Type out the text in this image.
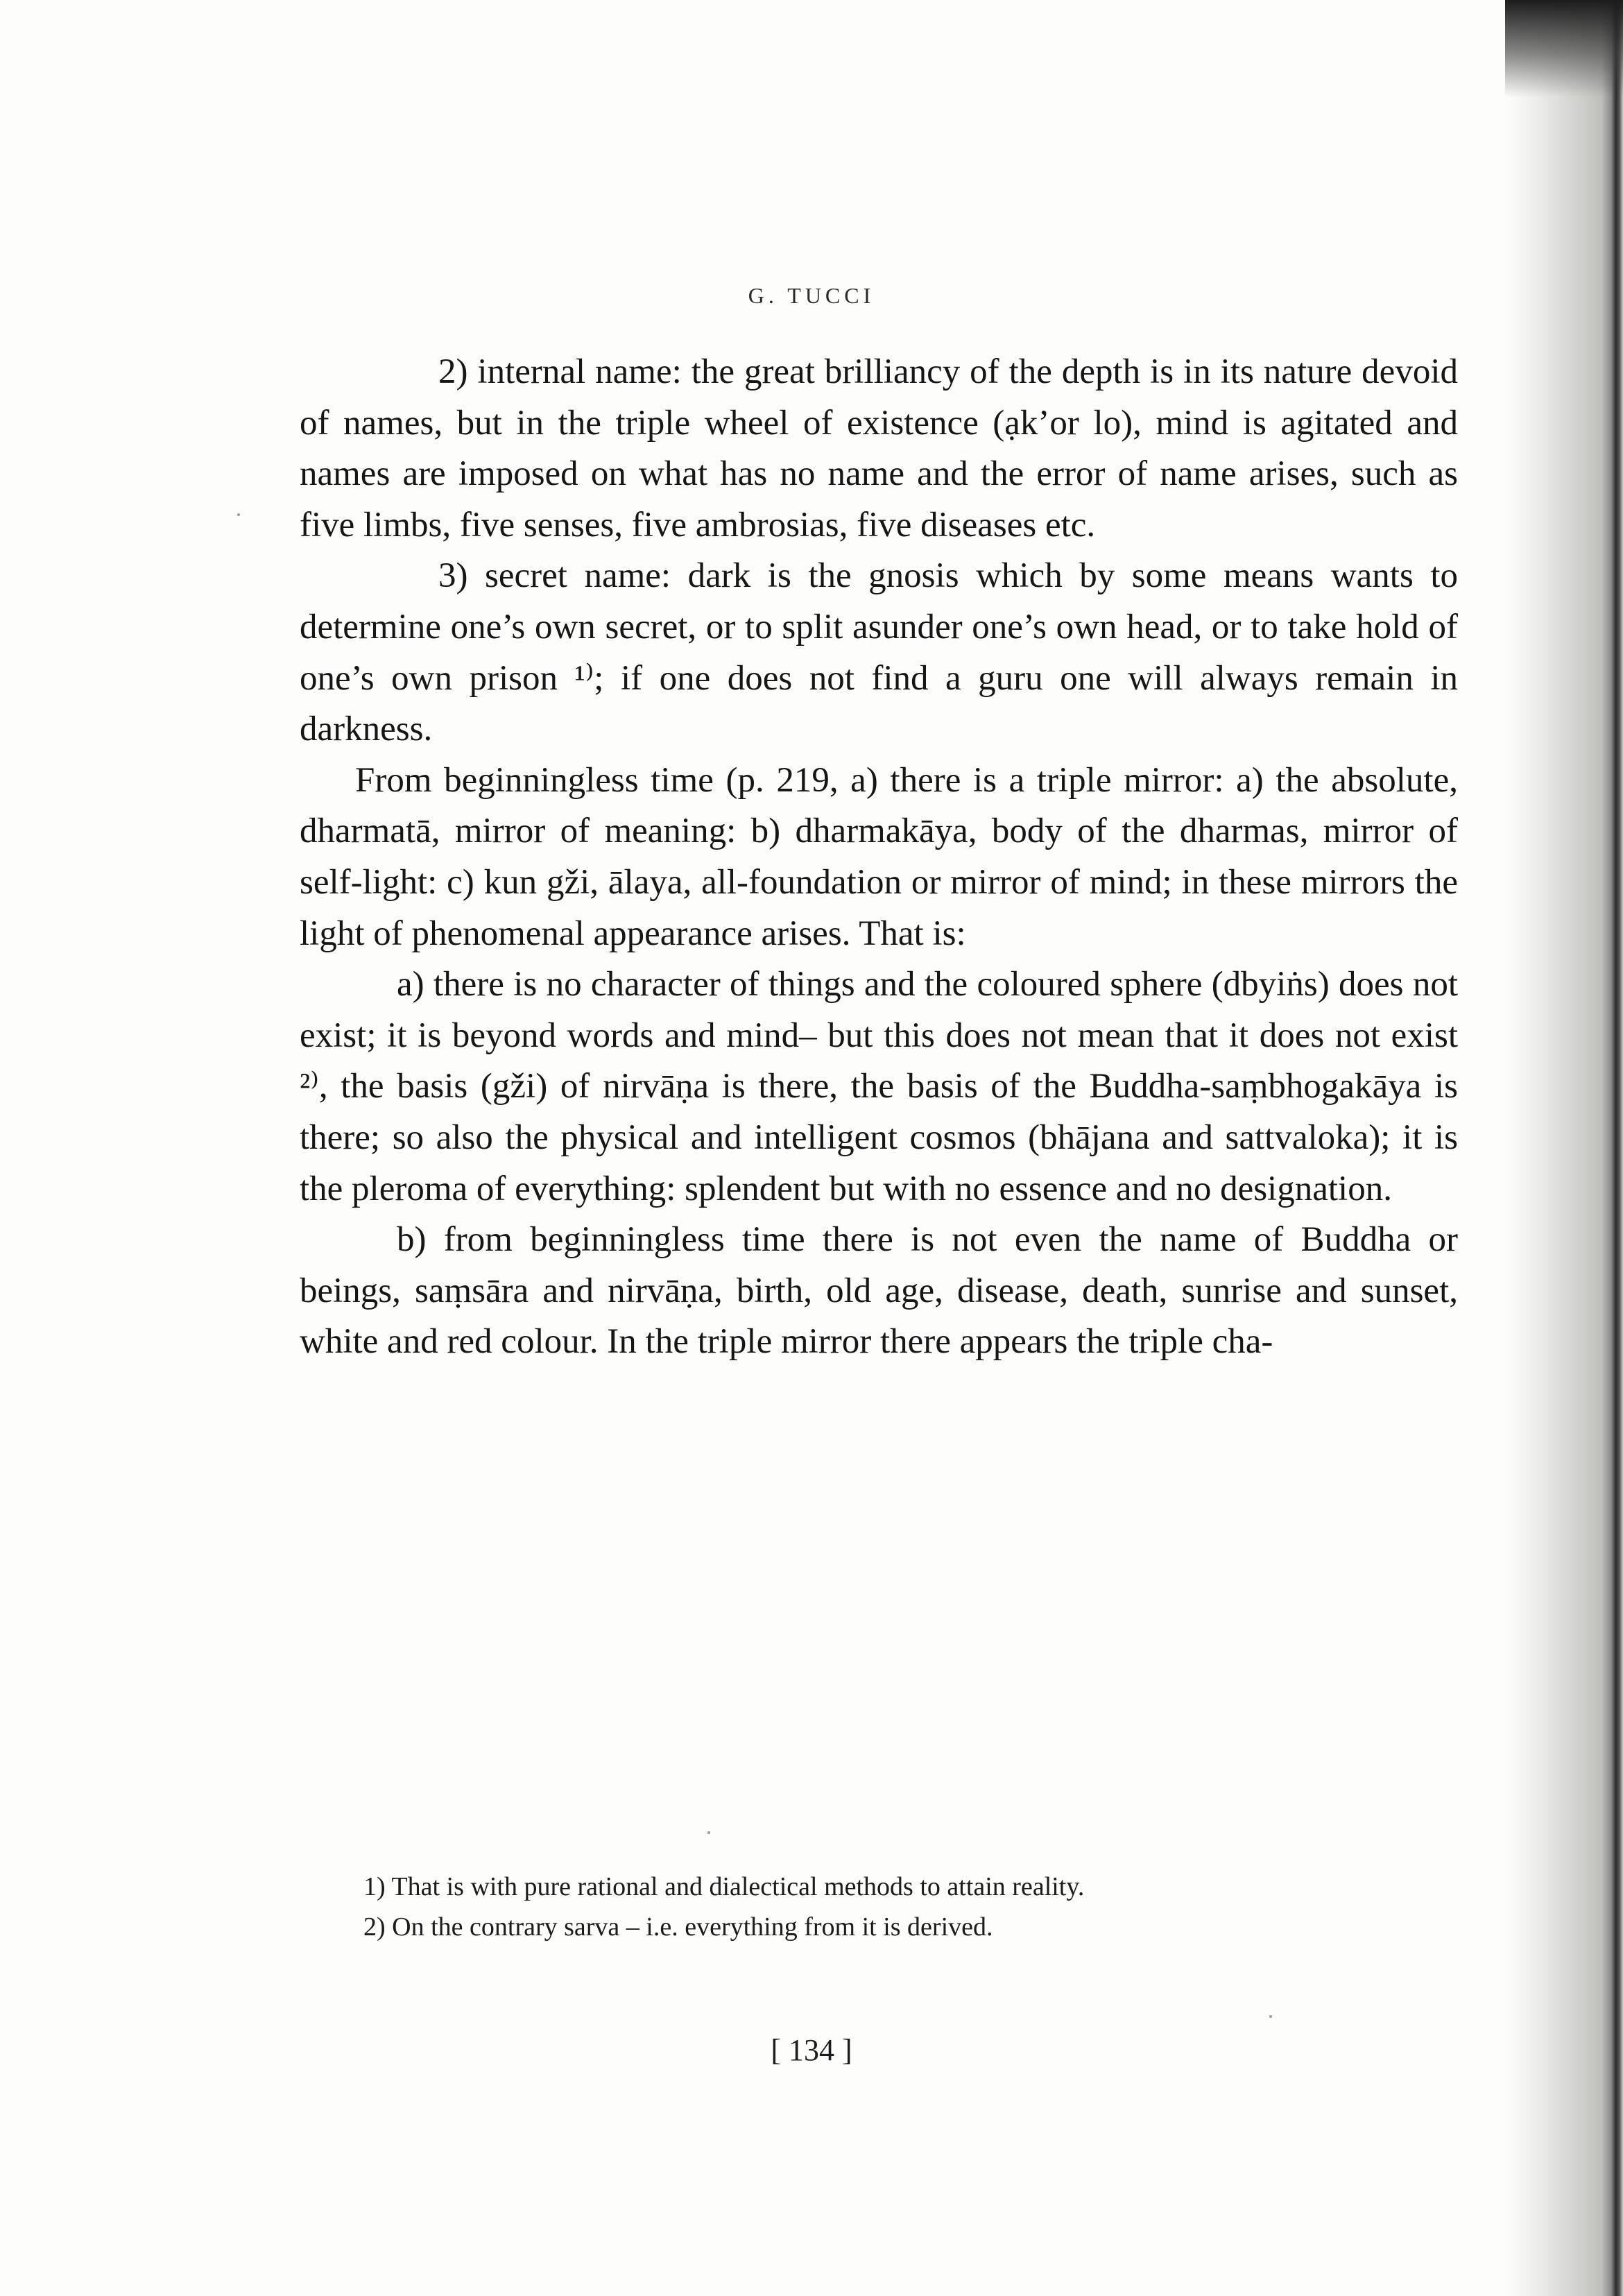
G. TUCCI

2) internal name: the great brilliancy of the depth is in its nature devoid of names, but in the triple wheel of existence (ạk’or lo), mind is agitated and names are imposed on what has no name and the error of name arises, such as five limbs, five senses, five ambrosias, five diseases etc.

3) secret name: dark is the gnosis which by some means wants to determine one’s own secret, or to split asunder one’s own head, or to take hold of one’s own prison ¹⁾; if one does not find a guru one will always remain in darkness.

From beginningless time (p. 219, a) there is a triple mirror: a) the absolute, dharmatā, mirror of meaning: b) dharmakāya, body of the dharmas, mirror of self-light: c) kun gži, ālaya, all-foundation or mirror of mind; in these mirrors the light of phenomenal appearance arises. That is:

a) there is no character of things and the coloured sphere (dbyiṅs) does not exist; it is beyond words and mind– but this does not mean that it does not exist ²⁾, the basis (gži) of nirvāṇa is there, the basis of the Buddha-saṃbhogakāya is there; so also the physical and intelligent cosmos (bhājana and sattvaloka); it is the pleroma of everything: splendent but with no essence and no designation.

b) from beginningless time there is not even the name of Buddha or beings, saṃsāra and nirvāṇa, birth, old age, disease, death, sunrise and sunset, white and red colour. In the triple mirror there appears the triple cha-

1) That is with pure rational and dialectical methods to attain reality.

2) On the contrary sarva – i.e. everything from it is derived.

[ 134 ]
